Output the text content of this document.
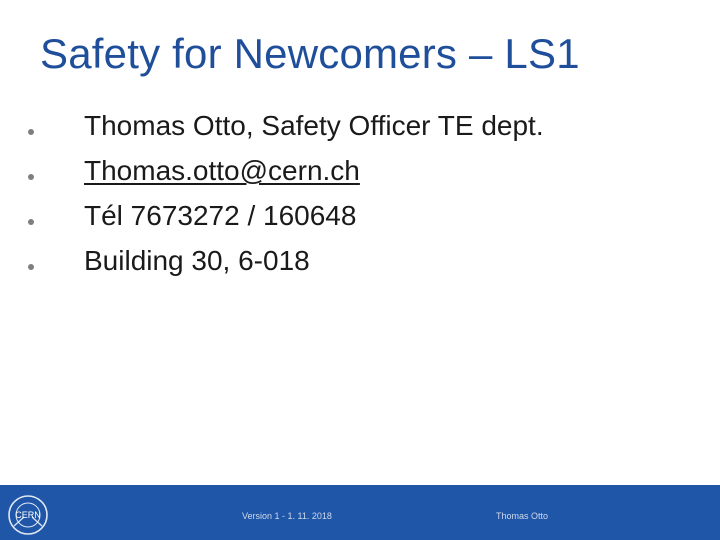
Safety for Newcomers – LS1
Thomas Otto, Safety Officer TE dept.
Thomas.otto@cern.ch
Tél 7673272 / 160648
Building 30, 6-018
CERN	Version 1 - 1. 11. 2018	Thomas Otto
